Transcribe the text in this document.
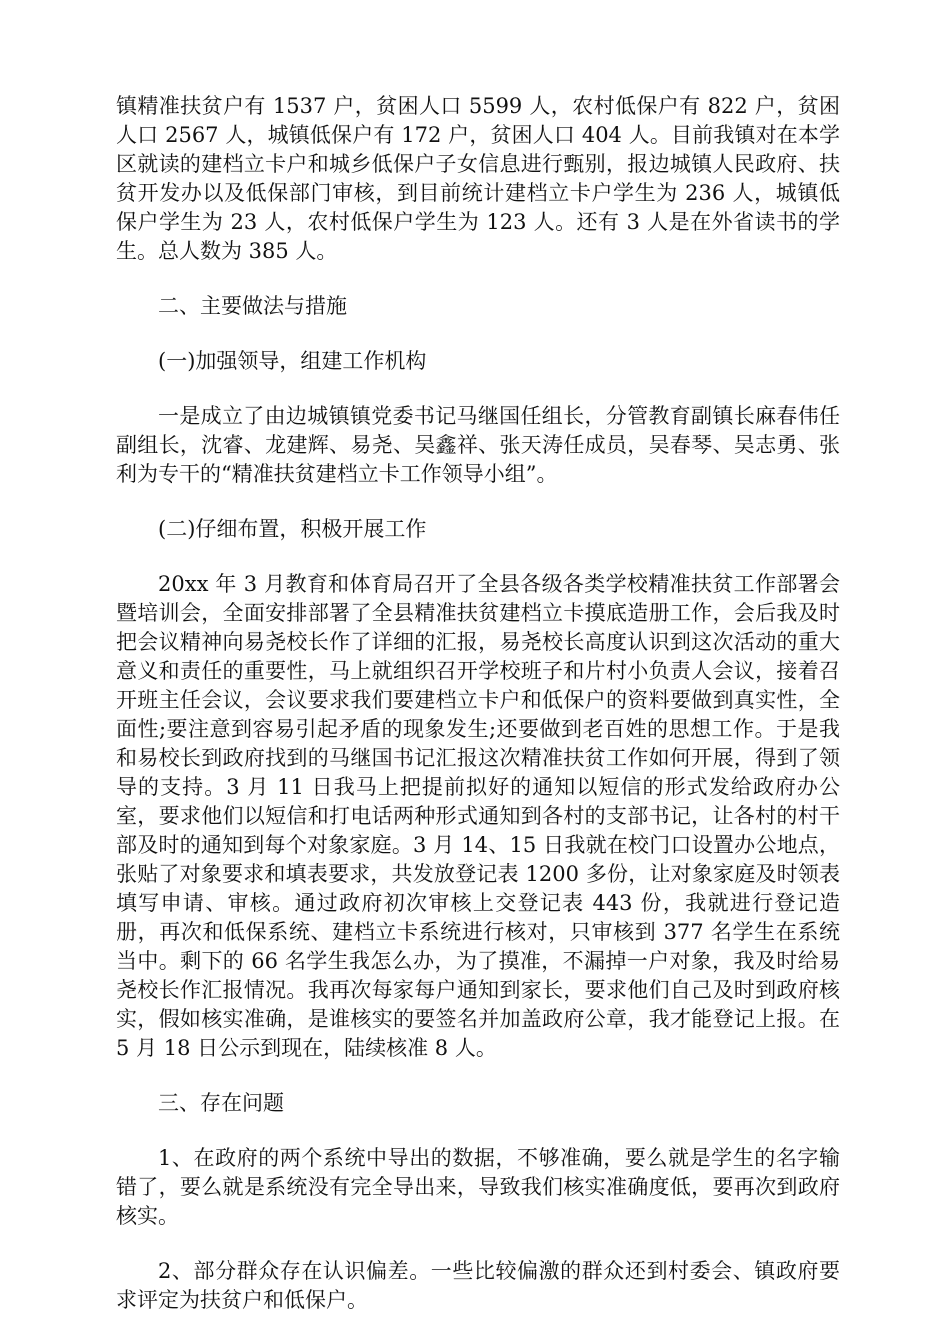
镇精准扶贫户有 1537 户，贫困人口 5599 人，农村低保户有 822 户，贫困人口 2567 人，城镇低保户有 172 户，贫困人口 404 人。目前我镇对在本学区就读的建档立卡户和城乡低保户子女信息进行甄别，报边城镇人民政府、扶贫开发办以及低保部门审核，到目前统计建档立卡户学生为 236 人，城镇低保户学生为 23 人，农村低保户学生为 123 人。还有 3 人是在外省读书的学生。总人数为 385 人。

二、主要做法与措施

(一)加强领导，组建工作机构

一是成立了由边城镇镇党委书记马继国任组长，分管教育副镇长麻春伟任副组长，沈睿、龙建辉、易尧、吴鑫祥、张天涛任成员，吴春琴、吴志勇、张利为专干的“精准扶贫建档立卡工作领导小组”。

(二)仔细布置，积极开展工作

20xx 年 3 月教育和体育局召开了全县各级各类学校精准扶贫工作部署会暨培训会，全面安排部署了全县精准扶贫建档立卡摸底造册工作，会后我及时把会议精神向易尧校长作了详细的汇报，易尧校长高度认识到这次活动的重大意义和责任的重要性，马上就组织召开学校班子和片村小负责人会议，接着召开班主任会议，会议要求我们要建档立卡户和低保户的资料要做到真实性，全面性;要注意到容易引起矛盾的现象发生;还要做到老百姓的思想工作。于是我和易校长到政府找到的马继国书记汇报这次精准扶贫工作如何开展，得到了领导的支持。3 月 11 日我马上把提前拟好的通知以短信的形式发给政府办公室，要求他们以短信和打电话两种形式通知到各村的支部书记，让各村的村干部及时的通知到每个对象家庭。3 月 14、15 日我就在校门口设置办公地点，张贴了对象要求和填表要求，共发放登记表 1200 多份，让对象家庭及时领表填写申请、审核。通过政府初次审核上交登记表 443 份，我就进行登记造册，再次和低保系统、建档立卡系统进行核对，只审核到 377 名学生在系统当中。剩下的 66 名学生我怎么办，为了摸准，不漏掉一户对象，我及时给易尧校长作汇报情况。我再次每家每户通知到家长，要求他们自己及时到政府核实，假如核实准确，是谁核实的要签名并加盖政府公章，我才能登记上报。在 5 月 18 日公示到现在，陆续核准 8 人。

三、存在问题

1、在政府的两个系统中导出的数据，不够准确，要么就是学生的名字输错了，要么就是系统没有完全导出来，导致我们核实准确度低，要再次到政府核实。

2、部分群众存在认识偏差。一些比较偏激的群众还到村委会、镇政府要求评定为扶贫户和低保户。
